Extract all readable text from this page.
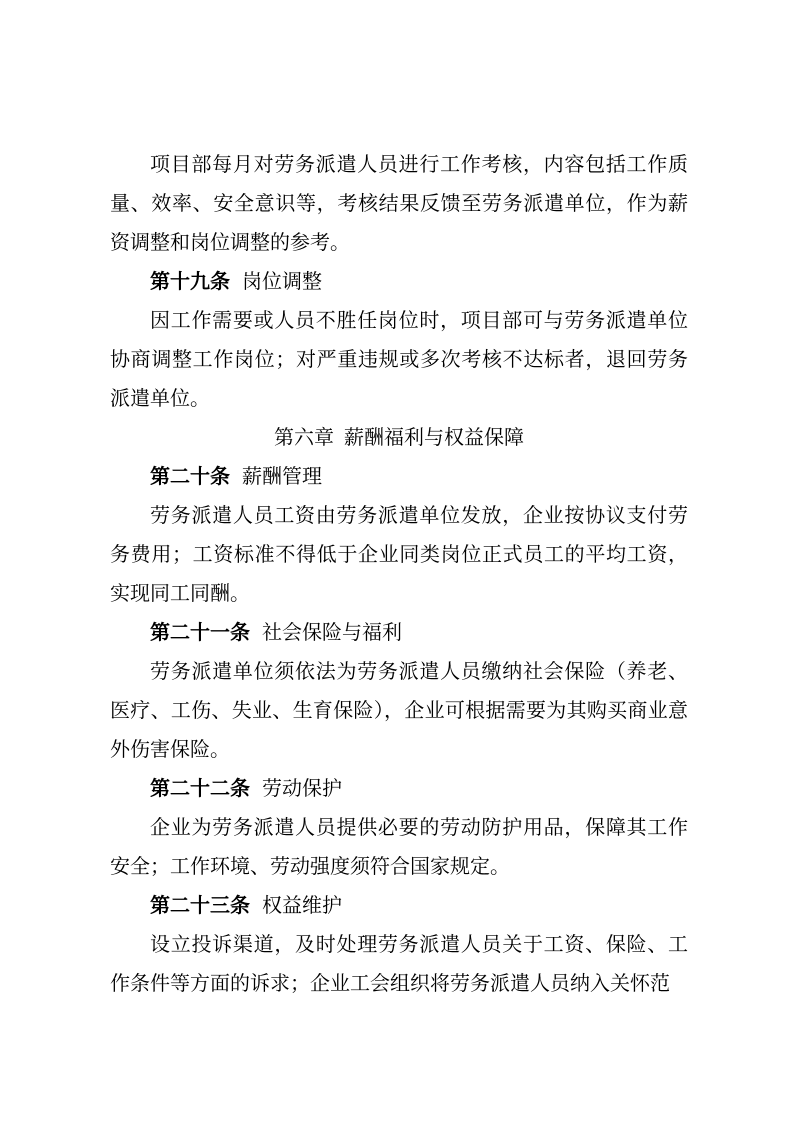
项目部每月对劳务派遣人员进行工作考核，内容包括工作质量、效率、安全意识等，考核结果反馈至劳务派遣单位，作为薪资调整和岗位调整的参考。

第十九条 岗位调整

因工作需要或人员不胜任岗位时，项目部可与劳务派遣单位协商调整工作岗位；对严重违规或多次考核不达标者，退回劳务派遣单位。

第六章 薪酬福利与权益保障

第二十条 薪酬管理

劳务派遣人员工资由劳务派遣单位发放，企业按协议支付劳务费用；工资标准不得低于企业同类岗位正式员工的平均工资，实现同工同酬。

第二十一条 社会保险与福利

劳务派遣单位须依法为劳务派遣人员缴纳社会保险（养老、医疗、工伤、失业、生育保险），企业可根据需要为其购买商业意外伤害保险。

第二十二条 劳动保护

企业为劳务派遣人员提供必要的劳动防护用品，保障其工作安全；工作环境、劳动强度须符合国家规定。

第二十三条 权益维护

设立投诉渠道，及时处理劳务派遣人员关于工资、保险、工作条件等方面的诉求；企业工会组织将劳务派遣人员纳入关怀范
